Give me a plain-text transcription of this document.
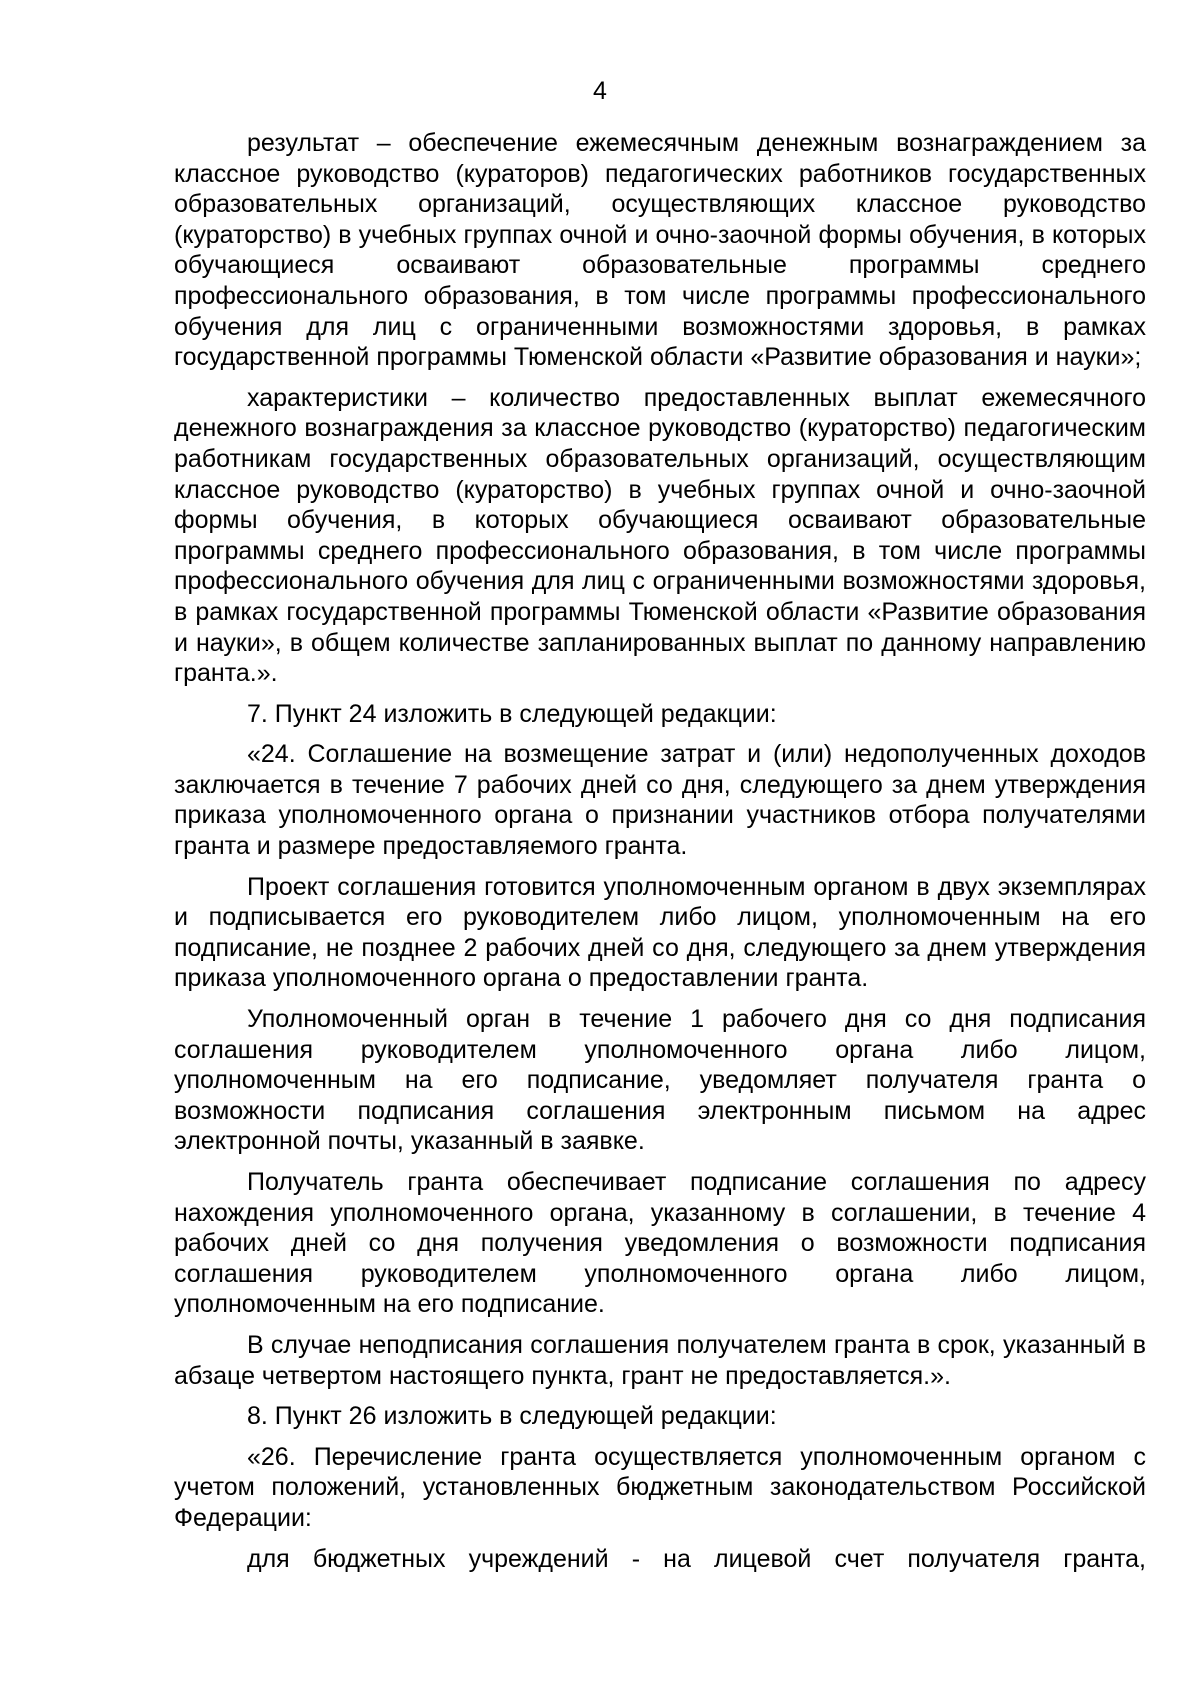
4

результат – обеспечение ежемесячным денежным вознаграждением за классное руководство (кураторов) педагогических работников государственных образовательных организаций, осуществляющих классное руководство (кураторство) в учебных группах очной и очно-заочной формы обучения, в которых обучающиеся осваивают образовательные программы среднего профессионального образования, в том числе программы профессионального обучения для лиц с ограниченными возможностями здоровья, в рамках государственной программы Тюменской области «Развитие образования и науки»;

характеристики – количество предоставленных выплат ежемесячного денежного вознаграждения за классное руководство (кураторство) педагогическим работникам государственных образовательных организаций, осуществляющим классное руководство (кураторство) в учебных группах очной и очно-заочной формы обучения, в которых обучающиеся осваивают образовательные программы среднего профессионального образования, в том числе программы профессионального обучения для лиц с ограниченными возможностями здоровья, в рамках государственной программы Тюменской области «Развитие образования и науки», в общем количестве запланированных выплат по данному направлению гранта.».

7. Пункт 24 изложить в следующей редакции:

«24. Соглашение на возмещение затрат и (или) недополученных доходов заключается в течение 7 рабочих дней со дня, следующего за днем утверждения приказа уполномоченного органа о признании участников отбора получателями гранта и размере предоставляемого гранта.

Проект соглашения готовится уполномоченным органом в двух экземплярах и подписывается его руководителем либо лицом, уполномоченным на его подписание, не позднее 2 рабочих дней со дня, следующего за днем утверждения приказа уполномоченного органа о предоставлении гранта.

Уполномоченный орган в течение 1 рабочего дня со дня подписания соглашения руководителем уполномоченного органа либо лицом, уполномоченным на его подписание, уведомляет получателя гранта о возможности подписания соглашения электронным письмом на адрес электронной почты, указанный в заявке.

Получатель гранта обеспечивает подписание соглашения по адресу нахождения уполномоченного органа, указанному в соглашении, в течение 4 рабочих дней со дня получения уведомления о возможности подписания соглашения руководителем уполномоченного органа либо лицом, уполномоченным на его подписание.

В случае неподписания соглашения получателем гранта в срок, указанный в абзаце четвертом настоящего пункта, грант не предоставляется.».

8. Пункт 26 изложить в следующей редакции:

«26. Перечисление гранта осуществляется уполномоченным органом с учетом положений, установленных бюджетным законодательством Российской Федерации:

для бюджетных учреждений - на лицевой счет получателя гранта,
